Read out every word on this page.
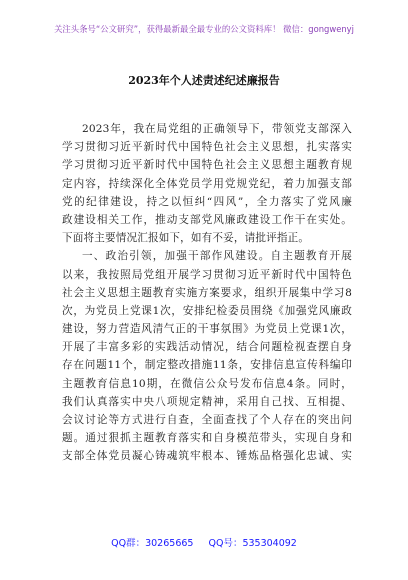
关注头条号“公文研究”，获得最新最全最专业的公文资料库！ 微信：gongwenyj
2023年个人述责述纪述廉报告
2023年，我在局党组的正确领导下，带领党支部深入
学习贯彻习近平新时代中国特色社会主义思想，扎实落实
学习贯彻习近平新时代中国特色社会主义思想主题教育规
定内容，持续深化全体党员学用党规党纪，着力加强支部
党的纪律建设，持之以恒纠“四风”，全力落实了党风廉
政建设相关工作，推动支部党风廉政建设工作干在实处。
下面将主要情况汇报如下，如有不妥，请批评指正。
一、政治引领，加强干部作风建设。自主题教育开展
以来，我按照局党组开展学习贯彻习近平新时代中国特色
社会主义思想主题教育实施方案要求，组织开展集中学习8
次，为党员上党课1次，安排纪检委员围绕《加强党风廉政
建设，努力营造风清气正的干事氛围》为党员上党课1次，
开展了丰富多彩的实践活动情况，结合问题检视查摆自身
存在问题11个，制定整改措施11条，安排信息宣传科编印
主题教育信息10期，在微信公众号发布信息4条。同时，
我们认真落实中央八项规定精神，采用自己找、互相提、
会议讨论等方式进行自查，全面查找了个人存在的突出问
题。通过狠抓主题教育落实和自身模范带头，实现自身和
支部全体党员凝心铸魂筑牢根本、锤炼品格强化忠诚、实
QQ群：30265665 QQ号：535304092
